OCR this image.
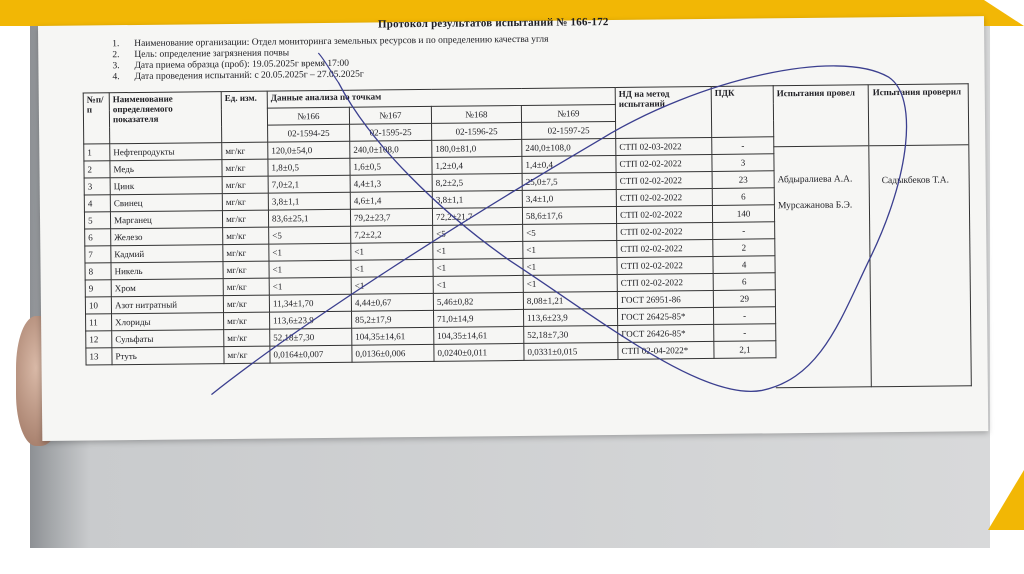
Протокол результатов испытаний № 166-172
1. Наименование организации: Отдел мониторинга земельных ресурсов и по определению качества угля
2. Цель: определение загрязнения почвы
3. Дата приема образца (проб): 19.05.2025г время 17:00
4. Дата проведения испытаний: с 20.05.2025г – 27.05.2025г
№п/п	Наименование определяемого показателя	Ед. изм.	Данные анализа по точкам				НД на метод испытаний	ПДК
			№166	№167	№168	№169		
			02-1594-25	02-1595-25	02-1596-25	02-1597-25		
1	Нефтепродукты	мг/кг	120,0±54,0	240,0±108,0	180,0±81,0	240,0±108,0	СТП 02-03-2022	-
2	Медь	мг/кг	1,8±0,5	1,6±0,5	1,2±0,4	1,4±0,4	СТП 02-02-2022	3
3	Цинк	мг/кг	7,0±2,1	4,4±1,3	8,2±2,5	25,0±7,5	СТП 02-02-2022	23
4	Свинец	мг/кг	3,8±1,1	4,6±1,4	3,8±1,1	3,4±1,0	СТП 02-02-2022	6
5	Марганец	мг/кг	83,6±25,1	79,2±23,7	72,2±21,7	58,6±17,6	СТП 02-02-2022	140
6	Железо	мг/кг	<5	7,2±2,2	<5	<5	СТП 02-02-2022	-
7	Кадмий	мг/кг	<1	<1	<1	<1	СТП 02-02-2022	2
8	Никель	мг/кг	<1	<1	<1	<1	СТП 02-02-2022	4
9	Хром	мг/кг	<1	<1	<1	<1	СТП 02-02-2022	6
10	Азот нитратный	мг/кг	11,34±1,70	4,44±0,67	5,46±0,82	8,08±1,21	ГОСТ 26951-86	29
11	Хлориды	мг/кг	113,6±23,9	85,2±17,9	71,0±14,9	113,6±23,9	ГОСТ 26425-85*	-
12	Сульфаты	мг/кг	52,18±7,30	104,35±14,61	104,35±14,61	52,18±7,30	ГОСТ 26426-85*	-
13	Ртуть	мг/кг	0,0164±0,007	0,0136±0,006	0,0240±0,011	0,0331±0,015	СТП 02-04-2022*	2,1
Испытания провел
Абдыралиева А.А.
Мурсажанова Б.Э.
Испытания проверил
Садыкбеков Т.А.
